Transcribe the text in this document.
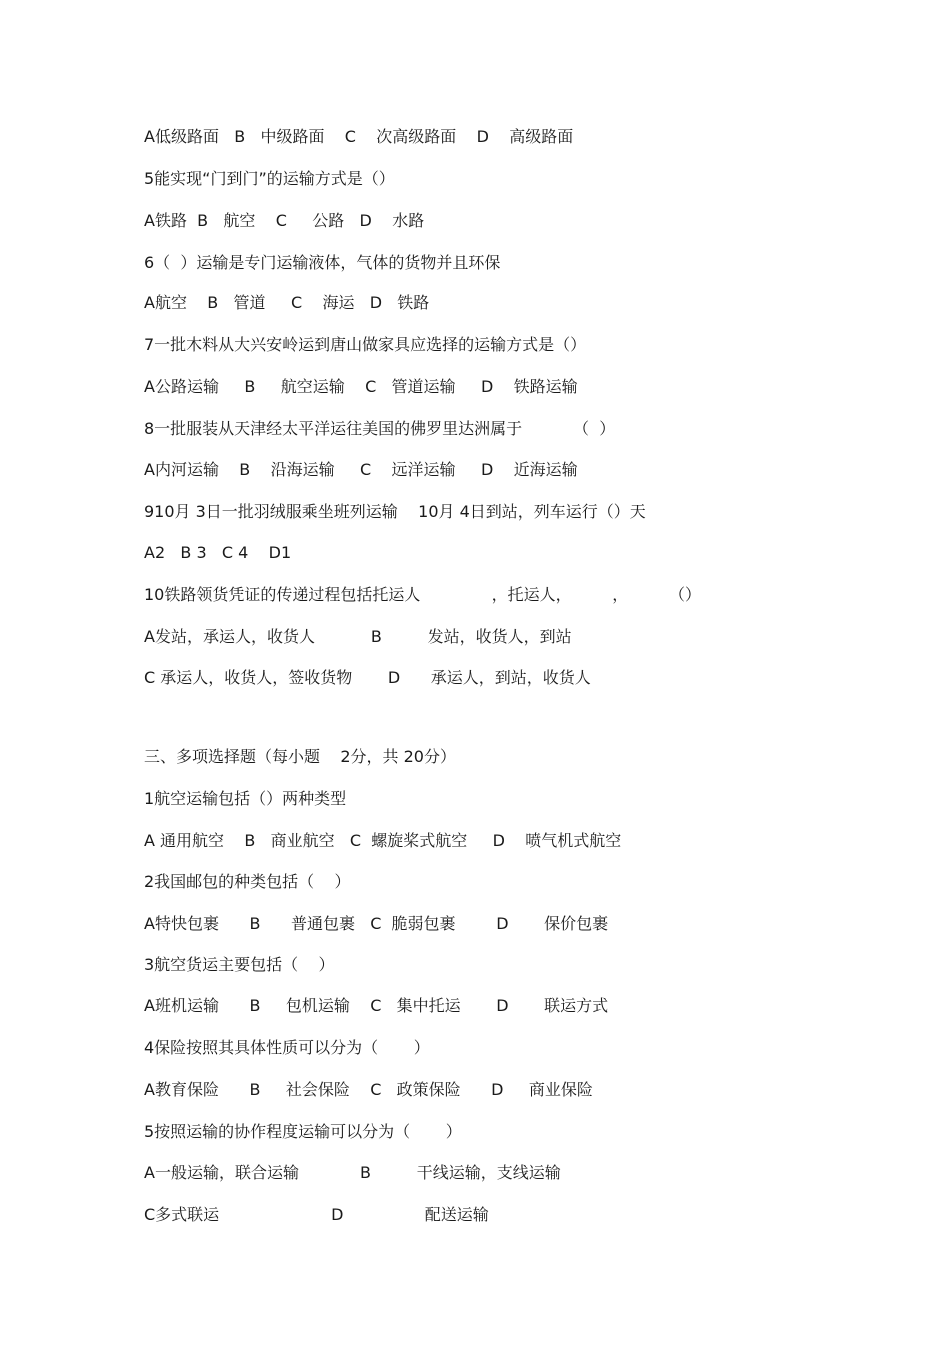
A低级路面   B   中级路面    C    次高级路面    D    高级路面
5能实现“门到门”的运输方式是（）
A铁路  B   航空    C     公路   D    水路
6（  ）运输是专门运输液体，气体的货物并且环保
A航空    B   管道     C    海运   D   铁路
7一批木料从大兴安岭运到唐山做家具应选择的运输方式是（）
A公路运输     B     航空运输    C   管道运输     D    铁路运输
8一批服装从天津经太平洋运往美国的佛罗里达洲属于          （  ）
A内河运输    B    沿海运输     C    远洋运输     D    近海运输
910月 3日一批羽绒服乘坐班列运输    10月 4日到站，列车运行（）天
A2   B 3   C 4    D1
10铁路领货凭证的传递过程包括托运人              ，托运人，        ，        （）
A发站，承运人，收货人           B         发站，收货人，到站
C 承运人，收货人，签收货物       D      承运人，到站，收货人
三、多项选择题（每小题    2分，共 20分）
1航空运输包括（）两种类型
A 通用航空    B   商业航空   C  螺旋桨式航空     D    喷气机式航空
2我国邮包的种类包括（    ）
A特快包裹      B      普通包裹   C  脆弱包裹        D       保价包裹
3航空货运主要包括（    ）
A班机运输      B     包机运输    C   集中托运       D       联运方式
4保险按照其具体性质可以分为（       ）
A教育保险      B     社会保险    C   政策保险      D     商业保险
5按照运输的协作程度运输可以分为（       ）
A一般运输，联合运输            B         干线运输，支线运输
C多式联运                      D                配送运输
